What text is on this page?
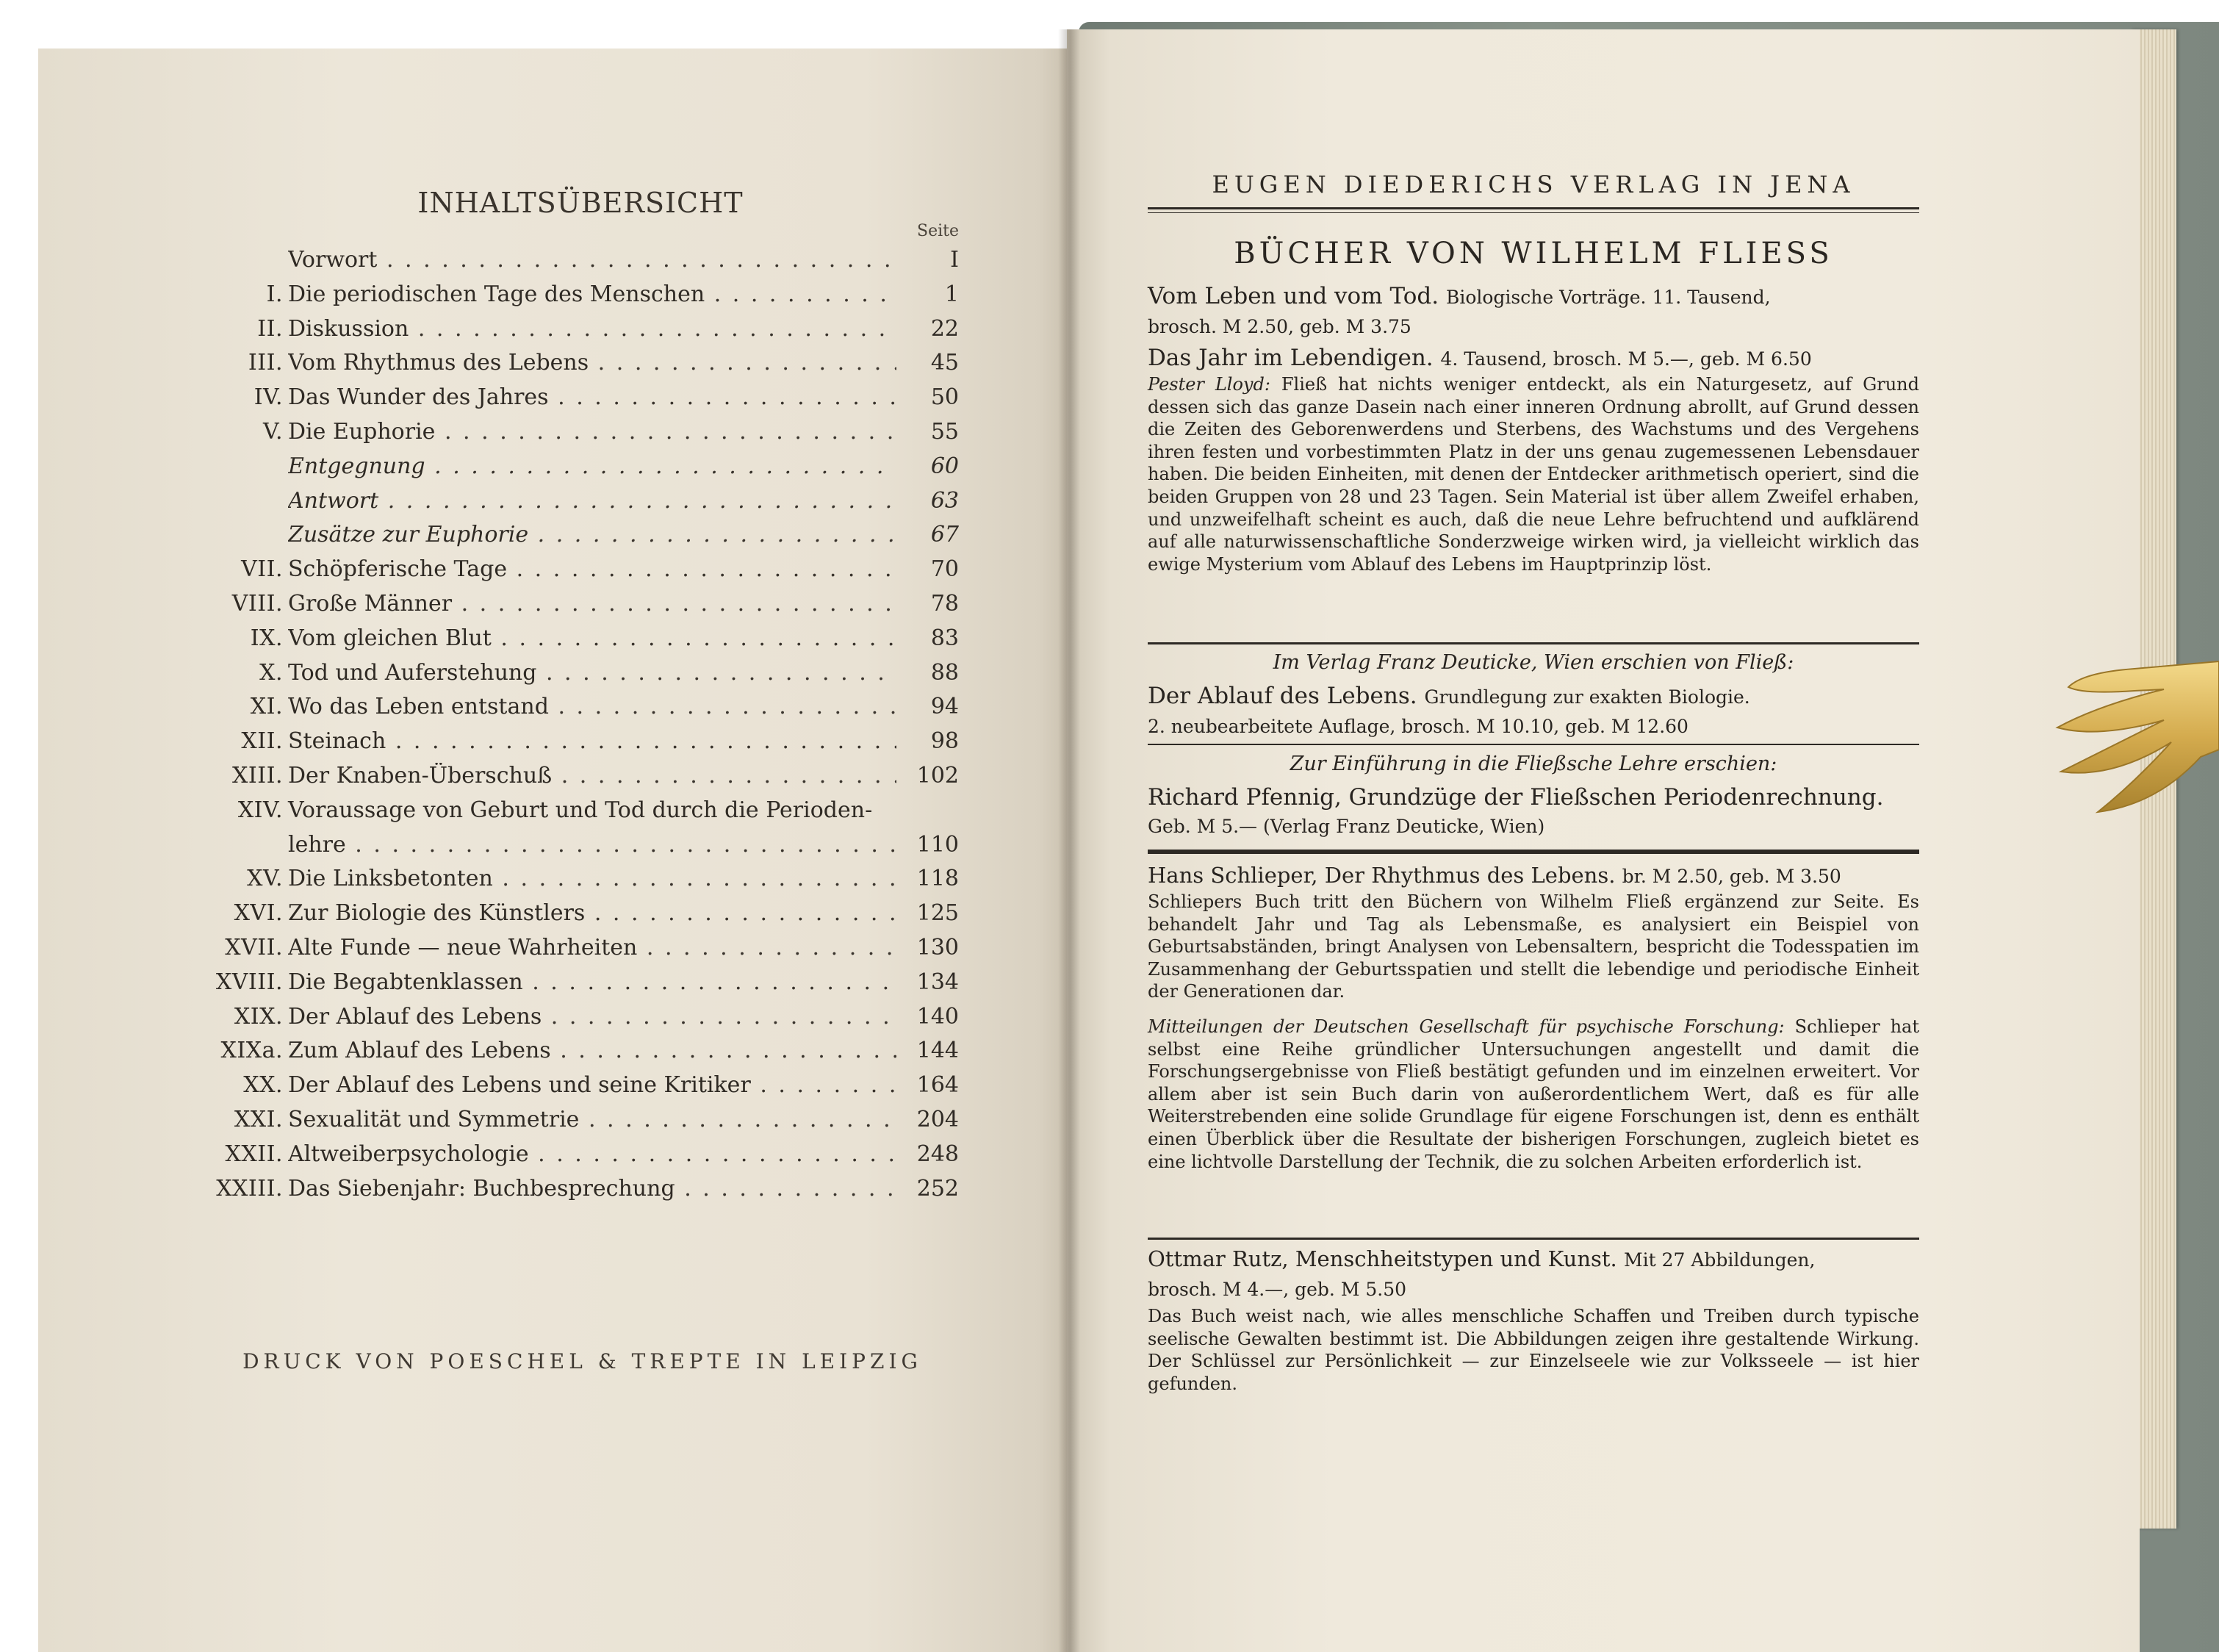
INHALTSÜBERSICHT
Seite
Vorwort . . .	I
I. Die periodischen Tage des Menschen . . .	1
II. Diskussion . . .	22
III. Vom Rhythmus des Lebens . . .	45
IV. Das Wunder des Jahres . . .	50
V. Die Euphorie . . .	55
Entgegnung . . .	60
Antwort . . .	63
Zusätze zur Euphorie . . .	67
VII. Schöpferische Tage . . .	70
VIII. Große Männer . . .	78
IX. Vom gleichen Blut . . .	83
X. Tod und Auferstehung . . .	88
XI. Wo das Leben entstand . . .	94
XII. Steinach . . .	98
XIII. Der Knaben-Überschuß . . .	102
XIV. Voraussage von Geburt und Tod durch die Perioden-
lehre . . .	110
XV. Die Linksbetonten . . .	118
XVI. Zur Biologie des Künstlers . . .	125
XVII. Alte Funde — neue Wahrheiten . . .	130
XVIII. Die Begabtenklassen . . .	134
XIX. Der Ablauf des Lebens . . .	140
XIXa. Zum Ablauf des Lebens . . .	144
XX. Der Ablauf des Lebens und seine Kritiker . . .	164
XXI. Sexualität und Symmetrie . . .	204
XXII. Altweiberpsychologie . . .	248
XXIII. Das Siebenjahr: Buchbesprechung . . .	252
DRUCK VON POESCHEL & TREPTE IN LEIPZIG
EUGEN DIEDERICHS VERLAG IN JENA
BÜCHER VON WILHELM FLIESS
Vom Leben und vom Tod. Biologische Vorträge. 11. Tausend,
brosch. M 2.50, geb. M 3.75
Das Jahr im Lebendigen. 4. Tausend, brosch. M 5.—, geb. M 6.50
Pester Lloyd: Fließ hat nichts weniger entdeckt, als ein Naturgesetz, auf Grund dessen sich das ganze Dasein nach einer inneren Ordnung abrollt, auf Grund dessen die Zeiten des Geborenwerdens und Sterbens, des Wachstums und des Vergehens ihren festen und vorbestimmten Platz in der uns genau zugemessenen Lebensdauer haben. Die beiden Einheiten, mit denen der Entdecker arithmetisch operiert, sind die beiden Gruppen von 28 und 23 Tagen. Sein Material ist über allem Zweifel erhaben, und unzweifelhaft scheint es auch, daß die neue Lehre befruchtend und aufklärend auf alle naturwissenschaftliche Sonderzweige wirken wird, ja vielleicht wirklich das ewige Mysterium vom Ablauf des Lebens im Hauptprinzip löst.
Im Verlag Franz Deuticke, Wien erschien von Fließ:
Der Ablauf des Lebens. Grundlegung zur exakten Biologie.
2. neubearbeitete Auflage, brosch. M 10.10, geb. M 12.60
Zur Einführung in die Fließsche Lehre erschien:
Richard Pfennig, Grundzüge der Fließschen Periodenrechnung. Geb. M 5.— (Verlag Franz Deuticke, Wien)
Hans Schlieper, Der Rhythmus des Lebens. br. M 2.50, geb. M 3.50
Schliepers Buch tritt den Büchern von Wilhelm Fließ ergänzend zur Seite. Es behandelt Jahr und Tag als Lebensmaße, es analysiert ein Beispiel von Geburtsabständen, bringt Analysen von Lebensaltern, bespricht die Todesspatien im Zusammenhang der Geburtsspatien und stellt die lebendige und periodische Einheit der Generationen dar.
Mitteilungen der Deutschen Gesellschaft für psychische Forschung: Schlieper hat selbst eine Reihe gründlicher Untersuchungen angestellt und damit die Forschungsergebnisse von Fließ bestätigt gefunden und im einzelnen erweitert. Vor allem aber ist sein Buch darin von außerordentlichem Wert, daß es für alle Weiterstrebenden eine solide Grundlage für eigene Forschungen ist, denn es enthält einen Überblick über die Resultate der bisherigen Forschungen, zugleich bietet es eine lichtvolle Darstellung der Technik, die zu solchen Arbeiten erforderlich ist.
Ottmar Rutz, Menschheitstypen und Kunst. Mit 27 Abbildungen,
brosch. M 4.—, geb. M 5.50
Das Buch weist nach, wie alles menschliche Schaffen und Treiben durch typische seelische Gewalten bestimmt ist. Die Abbildungen zeigen ihre gestaltende Wirkung. Der Schlüssel zur Persönlichkeit — zur Einzelseele wie zur Volksseele — ist hier gefunden.
